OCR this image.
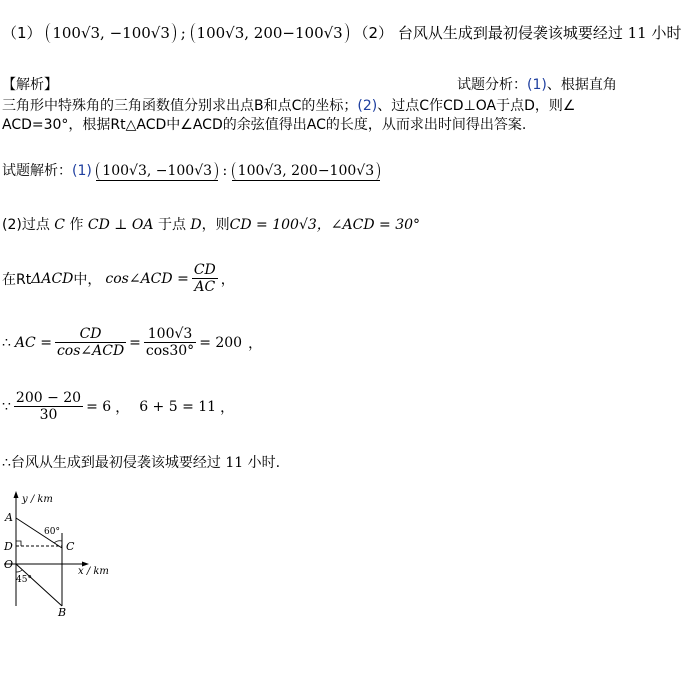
（1） 100√3, −100√3 ; 100√3, 200−100√3 （2） 台风从生成到最初侵袭该城要经过 11 小时
【解析】	试题分析：(1)、根据直角
三角形中特殊角的三角函数值分别求出点B和点C的坐标；(2)、过点C作CD⊥OA于点D，则∠
ACD=30°，根据Rt△ACD中∠ACD的余弦值得出AC的长度，从而求出时间得出答案.
试题解析：(1) 100√3, −100√3 : 100√3, 200−100√3
(2)过点 C 作 CD ⊥ OA 于点 D，则CD = 100√3，∠ACD = 30°
在Rt ΔACD 中， cos∠ACD = $\frac{CD}{AC}$ ，
∴ AC = $\frac{CD}{\text{cos∠ACD}} = \frac{100√3}{\cos 30^\circ} = 200$ ，
∵ $\frac{200 - 20}{30} = 6$ ， 6 + 5 = 11 ，
∴台风从生成到最初侵袭该城要经过 11 小时.
y / km
x / km
A
D	C
O
B
60°
45°
